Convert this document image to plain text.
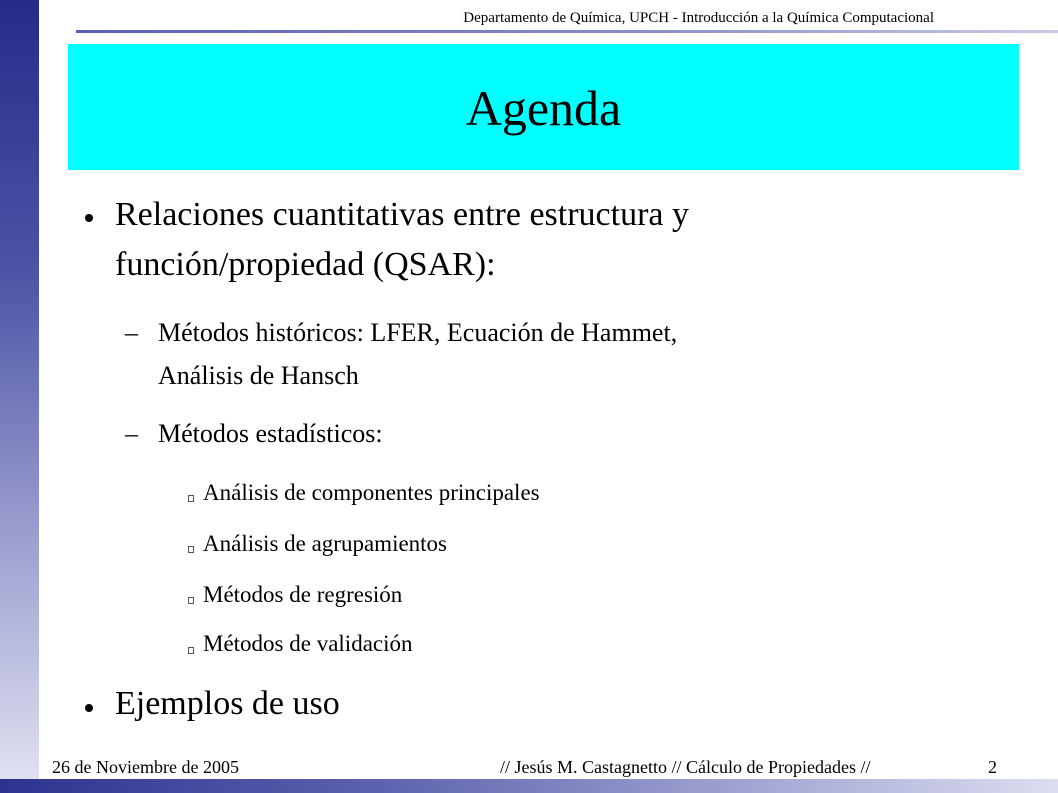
Departamento de Química, UPCH - Introducción a la Química Computacional
Agenda
Relaciones cuantitativas entre estructura y
función/propiedad (QSAR):
– Métodos históricos: LFER, Ecuación de Hammet,
Análisis de Hansch
– Métodos estadísticos:
Análisis de componentes principales
Análisis de agrupamientos
Métodos de regresión
Métodos de validación
Ejemplos de uso
26 de Noviembre de 2005	// Jesús M. Castagnetto // Cálculo de Propiedades //	2
